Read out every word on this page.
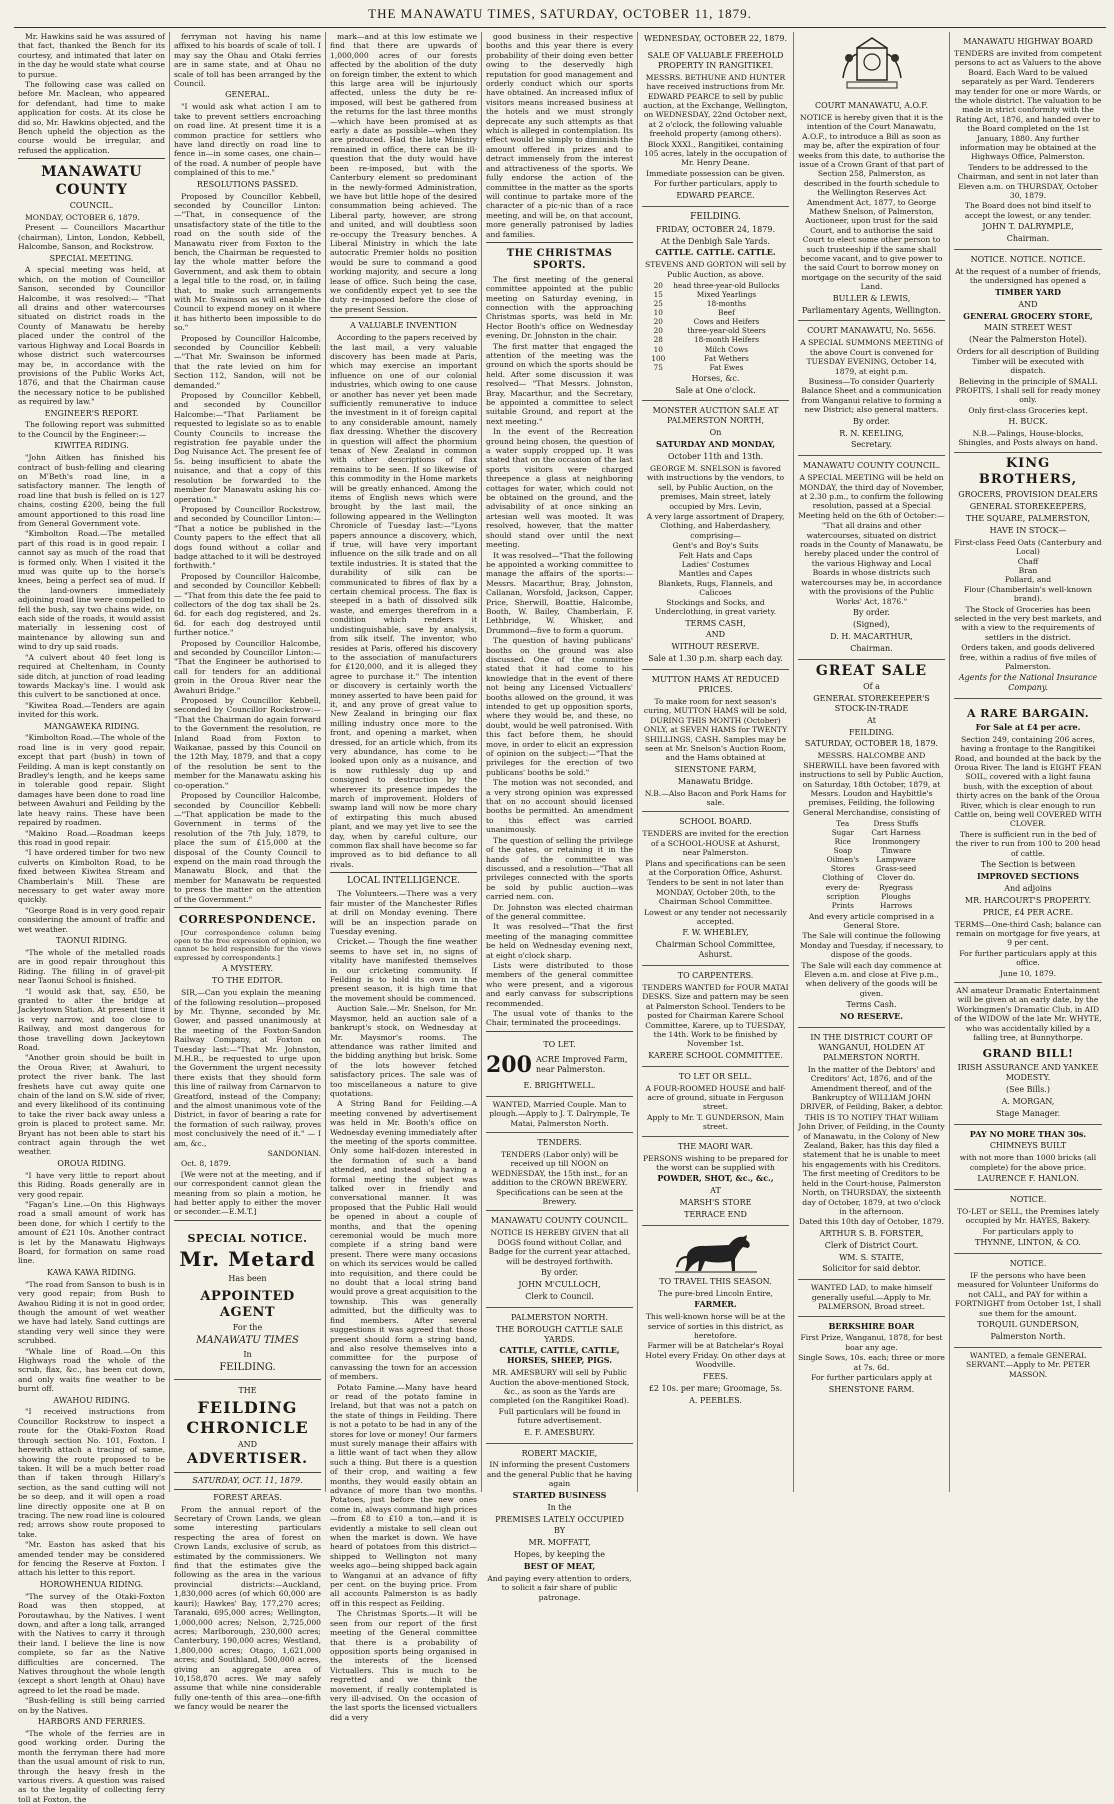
THE MANAWATU TIMES, SATURDAY, OCTOBER 11, 1879.

Mr. Hawkins said he was assured of that fact, thanked the Bench for its courtesy, and intimated that later on in the day he would state what course to pursue.

The following case was called on before Mr. Maclean, who appeared for defendant, had time to make application for costs. At its close he did so, Mr. Hawkins objected, and the Bench upheld the objection as the course would be irregular, and refused the application.

MANAWATU COUNTY
COUNCIL.

MONDAY, OCTOBER 6, 1879.

Present — Councillors Macarthur (chairman), Linton, London, Kebbell, Halcombe, Sanson, and Rockstrow.

SPECIAL MEETING.

A special meeting was held, at which, on the motion of Councillor Sanson, seconded by Councillor Halcombe, it was resolved:— "That all drains and other watercourses situated on district roads in the County of Manawatu be hereby placed under the control of the various Highway and Local Boards in whose district such watercourses may be, in accordance with the provisions of the Public Works Act, 1876, and that the Chairman cause the necessary notice to be published as required by law."

ENGINEER'S REPORT.

The following report was submitted to the Council by the Engineer:—

KIWITEA RIDING.

"John Aitken has finished his contract of bush-felling and clearing on M'Beth's road line, in a satisfactory manner. The length of road line that bush is felled on is 127 chains, costing £200, being the full amount apportioned to this road line from General Government vote.

"Kimbolton Road.—The metalled part of this road is in good repair. I cannot say as much of the road that is formed only. When I visited it the mud was quite up to the horse's knees, being a perfect sea of mud. If the land-owners immediately adjoining road line were compelled to fell the bush, say two chains wide, on each side of the roads, it would assist materially in lessening cost of maintenance by allowing sun and wind to dry up said roads.

"A culvert about 40 feet long is required at Cheltenham, in County side ditch, at junction of road leading towards Mackay's line. I would ask this culvert to be sanctioned at once.

"Kiwitea Road.—Tenders are again invited for this work.

MANGAWEKA RIDING.

"Kimbolton Road.—The whole of the road line is in very good repair, except that part (bush) in town of Feilding. A man is kept constantly on Bradley's length, and he keeps same in tolerable good repair. Slight damages have been done to road line between Awahuri and Feilding by the late heavy rains. These have been repaired by roadmen.

"Makino Road.—Roadman keeps this road in good repair.

"I have ordered timber for two new culverts on Kimbolton Road, to be fixed between Kiwitea Stream and Chamberlain's Mill. These are necessary to get water away more quickly.

"George Road is in very good repair considering the amount of traffic and wet weather.

TAONUI RIDING.

"The whole of the metalled roads are in good repair throughout this Riding. The filling in of gravel-pit near Taonui School is finished.

"I would ask that, say, £50, be granted to alter the bridge at Jackeytown Station. At present time it is very narrow, and too close to Railway, and most dangerous for those travelling down Jackeytown Road.

"Another groin should be built in the Oroua River, at Awahuri, to protect the river bank. The last freshets have cut away quite one chain of the land on S.W. side of river, and every likelihood of its continuing to take the river back away unless a groin is placed to protect same. Mr. Bryant has not been able to start his contract again through the wet weather.

OROUA RIDING.

"I have very little to report about this Riding. Roads generally are in very good repair.

"Fagan's Line.—On this Highways road a small amount of work has been done, for which I certify to the amount of £21 10s. Another contract is let by the Manawatu Highways Board, for formation on same road line.

KAWA KAWA RIDING.

"The road from Sanson to bush is in very good repair; from Bush to Awahou Riding it is not in good order, though the amount of wet weather we have had lately. Sand cuttings are standing very well since they were scrubbed.

"Whale line of Road.—On this Highways road the whole of the scrub, flax, &c., has been cut down, and only waits fine weather to be burnt off.

AWAHOU RIDING.

"I received instructions from Councillor Rockstrow to inspect a route for the Otaki-Foxton Road through section No. 101, Foxton. I herewith attach a tracing of same, showing the route proposed to be taken. It will be a much better road than if taken through Hillary's section, as the sand cutting will not be so deep, and it will open a road line directly opposite one at B on tracing. The new road line is coloured red; arrows show route proposed to take.

"Mr. Easton has asked that his amended tender may be considered for fencing the Reserve at Foxton. I attach his letter to this report.

HOROWHENUA RIDING.

"The survey of the Otaki-Foxton Road was then stopped, at Poroutawhau, by the Natives. I went down, and after a long talk, arranged with the Natives to carry it through their land. I believe the line is now complete, so far as the Native difficulties are concerned. The Natives throughout the whole length (except a short length at Ohau) have agreed to let the road be made.

"Bush-felling is still being carried on by the Natives.

HARBORS AND FERRIES.

"The whole of the ferries are in good working order. During the month the ferryman there had more than the usual amount of risk to run, through the heavy fresh in the various rivers. A question was raised as to the legality of collecting ferry toll at Foxton, the

ferryman not having his name affixed to his boards of scale of toll. I may say the Ohau and Otaki ferries are in same state, and at Ohau no scale of toll has been arranged by the Council.

GENERAL.

"I would ask what action I am to take to prevent settlers encroaching on road line. At present time it is a common practice for settlers who have land directly on road line to fence in—in some cases, one chain—of the road. A number of people have complained of this to me."

RESOLUTIONS PASSED.

Proposed by Councillor Kebbell, seconded by Councillor Linton:—"That, in consequence of the unsatisfactory state of the title to the road on the south side of the Manawatu river from Foxton to the bench, the Chairman be requested to lay the whole matter before the Government, and ask them to obtain a legal title to the road, or, in failing that, to make such arrangements with Mr. Swainson as will enable the Council to expend money on it where it has hitherto been impossible to do so."

Proposed by Councillor Halcombe, seconded by Councillor Kebbell:—"That Mr. Swainson be informed that the rate levied on him for Section 112, Sandon, will not be demanded."

Proposed by Councillor Kebbell, and seconded by Councillor Halcombe:—"That Parliament be requested to legislate so as to enable County Councils to increase the registration fee payable under the Dog Nuisance Act. The present fee of 5s. being insufficient to abate the nuisance, and that a copy of this resolution be forwarded to the member for Manawatu asking his co-operation."

Proposed by Councillor Rockstrow, and seconded by Councillor Linton:— "That a notice be published in the County papers to the effect that all dogs found without a collar and badge attached to it will be destroyed forthwith."

Proposed by Councillor Halcombe, and seconded by Councillor Kebbell:— "That from this date the fee paid to collectors of the dog tax shall be 2s. 6d. for each dog registered, and 2s. 6d. for each dog destroyed until further notice."

Proposed by Councillor Halcombe, and seconded by Councillor Linton:— "That the Engineer be authorised to call for tenders for an additional groin in the Oroua River near the Awahuri Bridge."

Proposed by Councillor Kebbell, seconded by Councillor Rockstrow:— "That the Chairman do again forward to the Government the resolution, re Inland Road from Foxton to Waikanae, passed by this Council on the 12th May, 1879, and that a copy of the resolution be sent to the member for the Manawatu asking his co-operation."

Proposed by Councillor Halcombe, seconded by Councillor Kebbell:—"That application be made to the Government in terms of the resolution of the 7th July, 1879, to place the sum of £15,000 at the disposal of the County Council to expend on the main road through the Manawatu Block, and that the member for Manawatu be requested to press the matter on the attention of the Government."

CORRESPONDENCE.

[Our correspondence column being open to the free expression of opinion, we cannot be held responsible for the views expressed by correspondents.]

A MYSTERY.
TO THE EDITOR.

SIR,—Can you explain the meaning of the following resolution—proposed by Mr. Thynne, seconded by Mr. Gower, and passed unanimously at the meeting of the Foxton-Sandon Railway Company, at Foxton on Tuesday last:—"That Mr. Johnston, M.H.R., be requested to urge upon the Government the urgent necessity there exists that they should form this line of railway from Carnarvon to Greatford, instead of the Company; and the almost unanimous vote of the District, in favor of bearing a rate for the formation of such railway, proves most conclusively the need of it." — I am, &c.,

SANDONIAN.

Oct. 8, 1879.

[We were not at the meeting, and if our correspondent cannot glean the meaning from so plain a motion, he had better apply to either the mover or seconder.—E.M.T.]

SPECIAL NOTICE.
Mr. Metard
Has been
APPOINTED AGENT
For the
MANAWATU TIMES
In
FEILDING.
THE
FEILDING CHRONICLE
AND
ADVERTISER.
SATURDAY, OCT. 11, 1879.
FOREST AREAS.

From the annual report of the Secretary of Crown Lands, we glean some interesting particulars respecting the area of forest on Crown Lands, exclusive of scrub, as estimated by the commissioners. We find that the estimates give the following as the area in the various provincial districts:—Auckland, 1,830,000 acres (of which 60,000 are kauri); Hawkes' Bay, 177,270 acres; Taranaki, 695,000 acres; Wellington, 1,000,000 acres; Nelson, 2,725,000 acres; Marlborough, 230,000 acres; Canterbury, 190,000 acres; Westland, 1,800,000 acres; Otago, 1,621,000 acres; and Southland, 500,000 acres, giving an aggregate area of 10,158,870 acres. We may safely assume that while nine considerable fully one-tenth of this area—one-fifth we fancy would be nearer the

mark—and at this low estimate we find that there are upwards of 1,000,000 acres of our forests affected by the abolition of the duty on foreign timber, the extent to which this large area will be injuriously affected, unless the duty be re-imposed, will best be gathered from the returns for the last three months—which have been promised at as early a date as possible—when they are produced. Had the late Ministry remained in office, there can be ill-question that the duty would have been re-imposed, but with the Canterbury element so predominant in the newly-formed Administration, we have but little hope of the desired consummation being achieved. The Liberal party, however, are strong and united, and will doubtless soon re-occupy the Treasury benches. A Liberal Ministry in which the late autocratic Premier holds no position would be sure to command a good working majority, and secure a long lease of office. Such being the case, we confidently expect yet to see the duty re-imposed before the close of the present Session.

A VALUABLE INVENTION

According to the papers received by the last mail, a very valuable discovery has been made at Paris, which may exercise an important influence on one of our colonial industries, which owing to one cause or another has never yet been made sufficiently remunerative to induce the investment in it of foreign capital to any considerable amount, namely flax dressing. Whether the discovery in question will affect the phormium tenax of New Zealand in common with other descriptions of flax remains to be seen. If so likewise of this commodity in the Home markets will be greatly enhanced. Among the items of English news which were brought by the last mail, the following appeared in the Wellington Chronicle of Tuesday last:—"Lyons papers announce a discovery, which, if true, will have very important influence on the silk trade and on all textile industries. It is stated that the durability of silk can be communicated to fibres of flax by a certain chemical process. The flax is steeped in a bath of dissolved silk waste, and emerges therefrom in a condition which renders it undistinguishable, save by analysis, from silk itself. The inventor, who resides at Paris, offered his discovery to the association of manufacturers for £120,000, and it is alleged they agree to purchase it." The intention or discovery is certainly worth the money asserted to have been paid for it, and any prove of great value to New Zealand in bringing our flax milling industry once more to the front, and opening a market, when dressed, for an article which, from its very abundance, has come to be looked upon only as a nuisance, and is now ruthlessly dug up and consigned to destruction by the wherever its presence impedes the march of improvement. Holders of swamp land will now be more chary of extirpating this much abused plant, and we may yet live to see the day, when by careful culture, our common flax shall have become so far improved as to bid defiance to all rivals.

LOCAL INTELLIGENCE.

The Volunteers.—There was a very fair muster of the Manchester Rifles at drill on Monday evening. There will be an inspection parade on Tuesday evening.

Cricket.— Though the fine weather seems to have set in, no signs of vitality have manifested themselves in our cricketing community. If Feilding is to hold its own in the present season, it is high time that the movement should be commenced.

Auction Sale.—Mr. Snelson, for Mr. Maysmor, held an auction sale of a bankrupt's stock, on Wednesday at Mr. Maysmor's rooms. The attendance was rather limited and the bidding anything but brisk. Some of the lots however fetched satisfactory prices. The sale was of too miscellaneous a nature to give quotations.

A String Band for Feilding.—A meeting convened by advertisement was held in Mr. Booth's office on Wednesday evening immediately after the meeting of the sports committee. Only some half-dozen interested in the formation of such a band attended, and instead of having a formal meeting the subject was talked over in friendly and conversational manner. It was proposed that the Public Hall would be opened in about a couple of months, and that the opening ceremonial would be much more complete if a string band were present. There were many occasions on which its services would be called into requisition, and there could be no doubt that a local string band would prove a great acquisition to the township. This was generally admitted, but the difficulty was to find members. After several suggestions it was agreed that those present should form a string band, and also resolve themselves into a committee for the purpose of canvassing the town for an accession of members.

Potato Famine.—Many have heard or read of the potato famine in Ireland, but that was not a patch on the state of things in Feilding. There is not a potato to be had in any of the stores for love or money! Our farmers must surely manage their affairs with a little want of tact when they allow such a thing. But there is a question of their crop, and waiting a few months, they would easily obtain an advance of more than two months. Potatoes, just before the new ones come in, always command high prices—from £8 to £10 a ton,—and it is evidently a mistake to sell clean out when the market is down. We have heard of potatoes from this district—shipped to Wellington not many weeks ago—being shipped back again to Wanganui at an advance of fifty per cent. on the buying price. From all accounts Palmerston is as badly off in this respect as Feilding.

The Christmas Sports.—It will be seen from our report of the first meeting of the General committee that there is a probability of opposition sports being organised in the interests of the licensed Victuallers. This is much to be regretted and we think the movement, if really contemplated is very ill-advised. On the occasion of the last sports the licensed victuallers did a very

good business in their respective booths and this year there is every probability of their doing even better owing to the deservedly high reputation for good management and orderly conduct which our sports have obtained. An increased influx of visitors means increased business at the hotels and we must strongly deprecate any such attempts as that which is alleged in contemplation. Its effect would be simply to diminish the amount offered in prizes and to detract immensely from the interest and attractiveness of the sports. We fully endorse the action of the committee in the matter as the sports will continue to partake more of the character of a pic-nic than of a race meeting, and will be, on that account, more generally patronised by ladies and families.

THE CHRISTMAS SPORTS.

The first meeting of the general committee appointed at the public meeting on Saturday evening, in connection with the approaching Christmas sports, was held in Mr. Hector Booth's office on Wednesday evening, Dr. Johnston in the chair.

The first matter that engaged the attention of the meeting was the ground on which the sports should be held. After some discussion it was resolved— "That Messrs. Johnston, Bray, Macarthur, and the Secretary, be appointed a committee to select suitable Ground, and report at the next meeting."

In the event of the Recreation ground being chosen, the question of a water supply cropped up. It was stated that on the occasion of the last sports visitors were charged threepence a glass at neighboring cottages for water, which could not be obtained on the ground, and the advisability of at once sinking an artesian well was mooted. It was resolved, however, that the matter should stand over until the next meeting.

It was resolved—"That the following be appointed a working committee to manage the affairs of the sports:— Messrs. Macarthur, Bray, Johnston, Callanan, Worsfold, Jackson, Capper, Price, Sherwill, Boattie, Halcombe, Booth, W. Bailey, Chamberlain, F. Lethbridge, W. Whisker, and Drummond—five to form a quorum.

The question of having publicans' booths on the ground was also discussed. One of the committee stated that it had come to his knowledge that in the event of there not being any Licensed Victuallers' booths allowed on the ground, it was intended to get up opposition sports, where they would be, and these, no doubt, would be well patronised. With this fact before them, he should move, in order to elicit an expression of opinion on the subject:—"That the privileges for the erection of two publicans' booths be sold."

The motion was not seconded, and a very strong opinion was expressed that on no account should licensed booths be permitted. An amendment to this effect was carried unanimously.

The question of selling the privilege of the gates, or retaining it in the hands of the committee was discussed, and a resolution—"That all privileges connected with the sports be sold by public auction—was carried nem. con.

Dr. Johnston was elected chairman of the general committee.

It was resolved—"That the first meeting of the managing committee be held on Wednesday evening next, at eight o'clock sharp.

Lists were distributed to those members of the general committee who were present, and a vigorous and early canvass for subscriptions recommended.

The usual vote of thanks to the Chair, terminated the proceedings.

TO LET.
200 ACRE Improved Farm, near Palmerston.
E. BRIGHTWELL.

WANTED, Married Couple. Man to plough.—Apply to J. T. Dalrymple, Te Matai, Palmerston North.

TENDERS.

TENDERS (Labor only) will be received up till NOON on WEDNESDAY, the 15th inst., for an addition to the CROWN BREWERY. Specifications can be seen at the Brewery.

MANAWATU COUNTY COUNCIL.

NOTICE IS HEREBY GIVEN that all DOGS found without Collar, and Badge for the current year attached, will be destroyed forthwith.

By order.
JOHN M'CULLOCH,
Clerk to Council.
PALMERSTON NORTH.
THE BOROUGH CATTLE SALE YARDS.
CATTLE, CATTLE, CATTLE, HORSES, SHEEP, PIGS.

MR. AMESBURY will sell by Public Auction the above-mentioned Stock, &c., as soon as the Yards are completed (on the Rangitikei Road).

Full particulars will be found in future advertisement.

E. F. AMESBURY.
ROBERT MACKIE,

IN informing the present Customers and the general Public that he having again

STARTED BUSINESS
In the
PREMISES LATELY OCCUPIED
BY
MR. MOFFATT,
Hopes, by keeping the
BEST OF MEAT,

And paying every attention to orders, to solicit a fair share of public patronage.

WEDNESDAY, OCTOBER 22, 1879.
SALE OF VALUABLE FREEHOLD PROPERTY IN RANGITIKEI.

MESSRS. BETHUNE AND HUNTER have received instructions from Mr. EDWARD PEARCE to sell by public auction, at the Exchange, Wellington, on WEDNESDAY, 22nd October next, at 2 o'clock, the following valuable freehold property (among others).

Block XXXI., Rangitikei, containing 105 acres, lately in the occupation of Mr. Henry Deane.

Immediate possession can be given.

For further particulars, apply to

EDWARD PEARCE.
FEILDING.
FRIDAY, OCTOBER 24, 1879.
At the Denbigh Sale Yards.
CATTLE. CATTLE. CATTLE.

STEVENS AND GORTON will sell by Public Auction, as above.

20	head three-year-old Bullocks
15	Mixed Yearlings
25	18-months
10	Beef
20	Cows and Heifers
20	three-year-old Steers
28	18-month Heifers
10	Milch Cows
100	Fat Wethers
75	Fat Ewes
Horses, &c.
Sale at One o'clock.
MONSTER AUCTION SALE AT PALMERSTON NORTH,
On
SATURDAY AND MONDAY,
October 11th and 13th.

GEORGE M. SNELSON is favored with instructions by the vendors, to sell, by Public Auction, on the premises, Main street, lately occupied by Mrs. Levin,

A very large assortment of Drapery, Clothing, and Haberdashery, comprising—

Gent's and Boy's Suits
Felt Hats and Caps
Ladies' Costumes
Mantles and Capes
Blankets, Rugs, Flannels, and Calicoes
Stockings and Socks, and Underclothing, in great variety.

TERMS CASH,
AND
WITHOUT RESERVE.
Sale at 1.30 p.m. sharp each day.
MUTTON HAMS AT REDUCED PRICES.

To make room for next season's curing, MUTTON HAMS will be sold, DURING THIS MONTH (October) ONLY, at SEVEN HAMS for TWENTY SHILLINGS, CASH. Samples may be seen at Mr. Snelson's Auction Room, and the Hams obtained at

SIENSTONE FARM,
Manawatu Bridge.

N.B.—Also Bacon and Pork Hams for sale.

SCHOOL BOARD.

TENDERS are invited for the erection of a SCHOOL-HOUSE at Ashurst, near Palmerston.

Plans and specifications can be seen at the Corporation Office, Ashurst.

Tenders to be sent in not later than MONDAY, October 20th, to the Chairman School Committee.

Lowest or any tender not necessarily accepted.

F. W. WHEBLEY,
Chairman School Committee, Ashurst.
TO CARPENTERS.

TENDERS WANTED for FOUR MATAI DESKS. Size and pattern may be seen at Palmerston School. Tenders to be posted for Chairman Karere School Committee, Karere, up to TUESDAY, the 14th. Work to be finished by November 1st.

KARERE SCHOOL COMMITTEE.
TO LET OR SELL.

A FOUR-ROOMED HOUSE and half-acre of ground, situate in Ferguson street.

Apply to Mr. T. GUNDERSON, Main street.

THE MAORI WAR.

PERSONS wishing to be prepared for the worst can be supplied with

POWDER, SHOT, &c., &c.,
AT
MARSH'S STORE
TERRACE END
TO TRAVEL THIS SEASON.

The pure-bred Lincoln Entire,

FARMER.

This well-known horse will be at the service of sorties in this district, as heretofore.

Farmer will be at Batchelar's Royal Hotel every Friday. On other days at Woodville.

FEES.
£2 10s. per mare; Groomage, 5s.
A. PEEBLES.
COURT MANAWATU, A.O.F.

NOTICE is hereby given that it is the intention of the Court Manawatu, A.O.F., to introduce a Bill as soon as may be, after the expiration of four weeks from this date, to authorise the issue of a Crown Grant of that part of Section 258, Palmerston, as described in the fourth schedule to the Wellington Reserves Act Amendment Act, 1877, to George Mathew Snelson, of Palmerston, Auctioneer, upon trust for the said Court, and to authorise the said Court to elect some other person to such trusteeship if the same shall become vacant, and to give power to the said Court to borrow money on mortgage on the security of the said Land.

BULLER & LEWIS,
Parliamentary Agents, Wellington.
COURT MANAWATU, No. 5656.

A SPECIAL SUMMONS MEETING of the above Court is convened for TUESDAY EVENING, October 14, 1879, at eight p.m.

Business—To consider Quarterly Balance Sheet and a communication from Wanganui relative to forming a new District; also general matters.

By order.
R. N. KEELING,
Secretary.
MANAWATU COUNTY COUNCIL.

A SPECIAL MEETING will be held on MONDAY, the third day of November, at 2.30 p.m., to confirm the following resolution, passed at a Special Meeting held on the 6th of October:—

"That all drains and other watercourses, situated on district roads in the County of Manawatu, be hereby placed under the control of the various Highway and Local Boards in whose districts such watercourses may be, in accordance with the provisions of the Public Works' Act, 1876."

By order.
(Signed),
D. H. MACARTHUR,
Chairman.
GREAT SALE
Of a
GENERAL STOREKEEPER'S STOCK-IN-TRADE
At
FEILDING.
SATURDAY, OCTOBER 18, 1879.

MESSRS. HALCOMBE AND SHERWILL have been favored with instructions to sell by Public Auction, on Saturday, 18th October, 1879, at Messrs. Loudon and Haybittle's premises, Feilding, the following General Merchandise, consisting of

Tea	Dress Stuffs
Sugar	Cart Harness
Rice	Ironmongery
Soap	Tinware
Oilmen's	Lampware
Stores	Grass-seed
Clothing of	Clover do.
every de-	Ryegrass
scription	Ploughs
Prints	Harrows

And every article comprised in a General Store.

The Sale will continue the following Monday and Tuesday, if necessary, to dispose of the goods.

The Sale will each day commence at Eleven a.m. and close at Five p.m., when delivery of the goods will be given.

Terms Cash.
NO RESERVE.
IN THE DISTRICT COURT OF WANGANUI, HOLDEN AT PALMERSTON NORTH.

In the matter of the Debtors' and Creditors' Act, 1876, and of the Amendment thereof, and of the Bankruptcy of WILLIAM JOHN DRIVER, of Feilding, Baker, a debtor.

THIS IS TO NOTIFY THAT William John Driver, of Feilding, in the County of Manawatu, in the Colony of New Zealand, Baker, has this day filed a statement that he is unable to meet his engagements with his Creditors. The first meeting of Creditors to be held in the Court-house, Palmerston North, on THURSDAY, the sixteenth day of October, 1879, at two o'clock in the afternoon.

Dated this 10th day of October, 1879.

ARTHUR S. B. FORSTER,
Clerk of District Court.
WM. S. STAITE,
Solicitor for said debtor.

WANTED LAD, to make himself generally useful.—Apply to Mr. PALMERSON, Broad street.

BERKSHIRE BOAR

First Prize, Wanganui, 1878, for best boar any age.

Single Sows, 10s. each; three or more at 7s. 6d.

For further particulars apply at

SHENSTONE FARM.
MANAWATU HIGHWAY BOARD

TENDERS are invited from competent persons to act as Valuers to the above Board. Each Ward to be valued separately as per Ward. Tenderers may tender for one or more Wards, or the whole district. The valuation to be made in strict conformity with the Rating Act, 1876, and handed over to the Board completed on the 1st January, 1880. Any further information may be obtained at the Highways Office, Palmerston.

Tenders to be addressed to the Chairman, and sent in not later than Eleven a.m. on THURSDAY, October 30, 1879.

The Board does not bind itself to accept the lowest, or any tender.

JOHN T. DALRYMPLE,
Chairman.
NOTICE. NOTICE. NOTICE.

At the request of a number of friends, the undersigned has opened a

TIMBER YARD
AND
GENERAL GROCERY STORE,
MAIN STREET WEST
(Near the Palmerston Hotel).

Orders for all description of Building Timber will be executed with dispatch.

Believing in the principle of SMALL PROFITS, I shall sell for ready money only.

Only first-class Groceries kept.

H. BUCK.

N.B.—Palings, House-blocks, Shingles, and Posts always on hand.

KING BROTHERS,
GROCERS, PROVISION DEALERS
GENERAL STOREKEEPERS,
THE SQUARE, PALMERSTON,
HAVE IN STOCK—

First-class Feed Oats (Canterbury and Local)
Chaff
Bran
Pollard, and
Flour (Chamberlain's well-known brand).

The Stock of Groceries has been selected in the very best markets, and with a view to the requirements of settlers in the district.

Orders taken, and goods delivered free, within a radius of five miles of Palmerston.

Agents for the National Insurance Company.
A RARE BARGAIN.
For Sale at £4 per acre.

Section 249, containing 206 acres, having a frontage to the Rangitikei Road, and bounded at the back by the Oroua River. The land is EIGHT FEAN SOIL, covered with a light fauna bush, with the exception of about thirty acres on the bank of the Oroua River, which is clear enough to run Cattle on, being well COVERED WITH CLOVER.

There is sufficient run in the bed of the river to run from 100 to 200 head of cattle.

The Section is between
IMPROVED SECTIONS
And adjoins
MR. HARCOURT'S PROPERTY.
PRICE, £4 PER ACRE.

TERMS—One-third Cash; balance can remain on mortgage for five years, at 9 per cent.

For further particulars apply at this office.

June 10, 1879.

AN amateur Dramatic Entertainment will be given at an early date, by the Workingmen's Dramatic Club, in AID of the WIDOW of the late Mr. WHYTE, who was accidentally killed by a falling tree, at Bunnythorpe.

GRAND BILL!
IRISH ASSURANCE AND YANKEE MODESTY.
(See Bills.)
A. MORGAN,
Stage Manager.
PAY NO MORE THAN 30s.
CHIMNEYS BUILT

with not more than 1000 bricks (all complete) for the above price.

LAURENCE F. HANLON.
NOTICE.

TO-LET or SELL, the Premises lately occupied by Mr. HAYES, Bakery.

For particulars apply to

THYNNE, LINTON, & CO.
NOTICE.

IF the persons who have been measured for Volunteer Uniforms do not CALL, and PAY for within a FORTNIGHT from October 1st, I shall sue them for the amount.

TORQUIL GUNDERSON,
Palmerston North.

WANTED, a female GENERAL SERVANT.—Apply to Mr. PETER MASSON.
